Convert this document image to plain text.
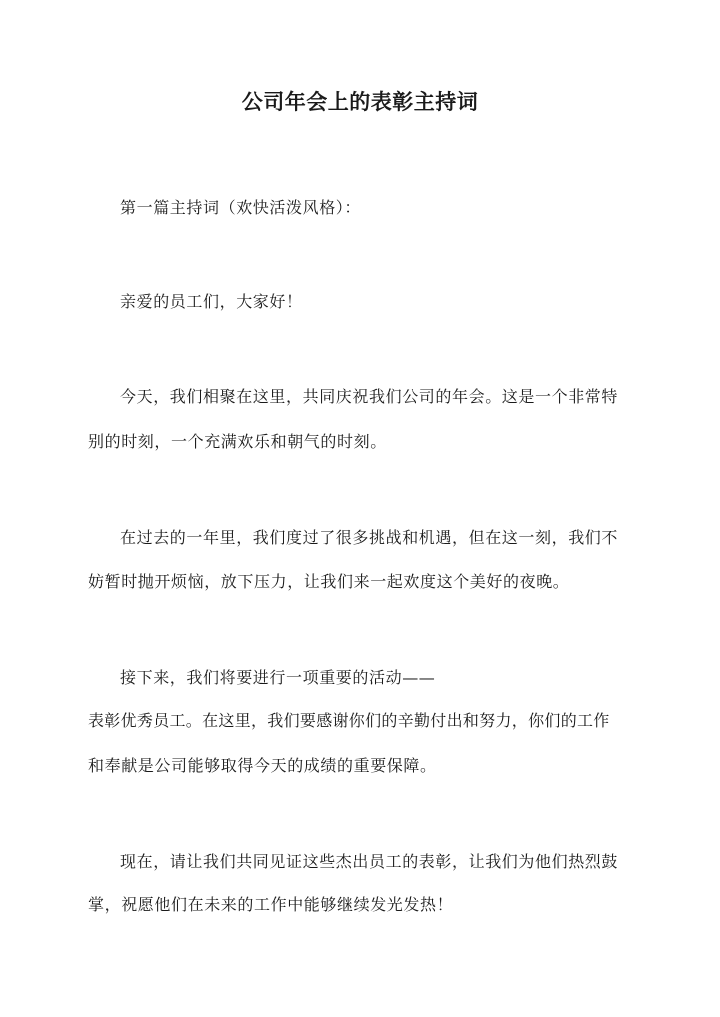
公司年会上的表彰主持词
第一篇主持词（欢快活泼风格）：
亲爱的员工们，大家好！
今天，我们相聚在这里，共同庆祝我们公司的年会。这是一个非常特
别的时刻，一个充满欢乐和朝气的时刻。
在过去的一年里，我们度过了很多挑战和机遇，但在这一刻，我们不
妨暂时抛开烦恼，放下压力，让我们来一起欢度这个美好的夜晚。
接下来，我们将要进行一项重要的活动——
表彰优秀员工。在这里，我们要感谢你们的辛勤付出和努力，你们的工作
和奉献是公司能够取得今天的成绩的重要保障。
现在，请让我们共同见证这些杰出员工的表彰，让我们为他们热烈鼓
掌，祝愿他们在未来的工作中能够继续发光发热！
